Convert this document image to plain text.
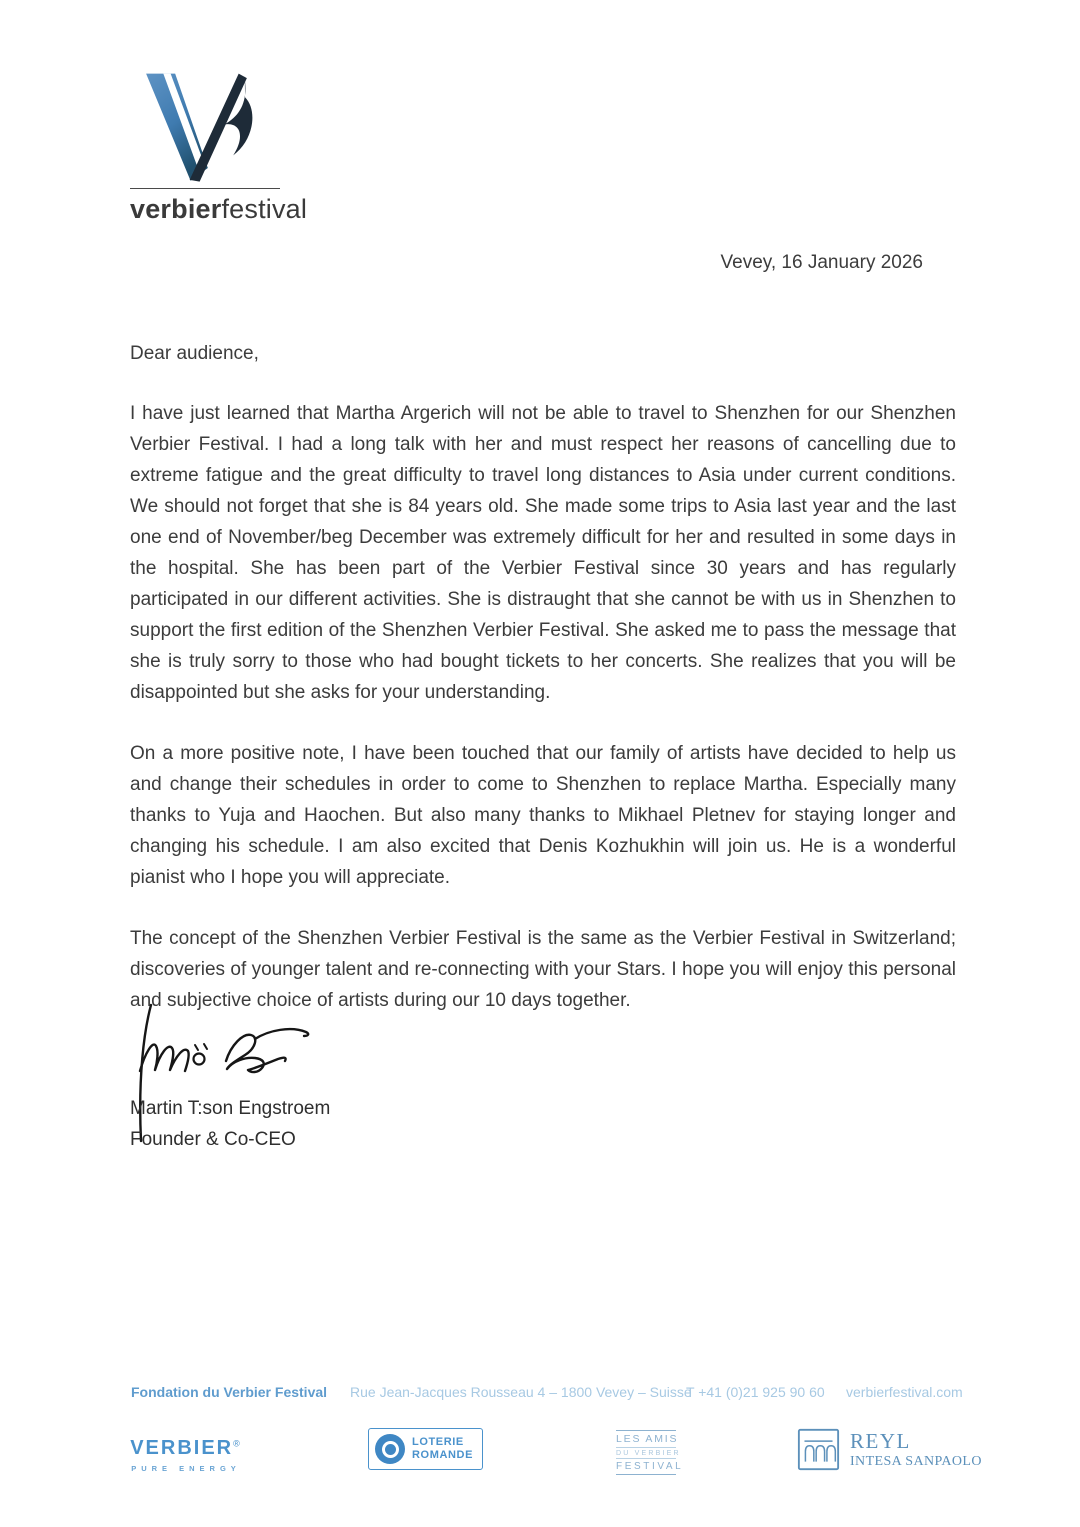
verbierfestival
Vevey, 16 January 2026

Dear audience,

I have just learned that Martha Argerich will not be able to travel to Shenzhen for our Shenzhen Verbier Festival. I had a long talk with her and must respect her reasons of cancelling due to extreme fatigue and the great difficulty to travel long distances to Asia under current conditions. We should not forget that she is 84 years old. She made some trips to Asia last year and the last one end of November/beg December was extremely difficult for her and resulted in some days in the hospital. She has been part of the Verbier Festival since 30 years and has regularly participated in our different activities. She is distraught that she cannot be with us in Shenzhen to support the first edition of the Shenzhen Verbier Festival. She asked me to pass the message that she is truly sorry to those who had bought tickets to her concerts. She realizes that you will be disappointed but she asks for your understanding.

On a more positive note, I have been touched that our family of artists have decided to help us and change their schedules in order to come to Shenzhen to replace Martha. Especially many thanks to Yuja and Haochen. But also many thanks to Mikhael Pletnev for staying longer and changing his schedule. I am also excited that Denis Kozhukhin will join us. He is a wonderful pianist who I hope you will appreciate.

The concept of the Shenzhen Verbier Festival is the same as the Verbier Festival in Switzerland; discoveries of younger talent and re-connecting with your Stars. I hope you will enjoy this personal and subjective choice of artists during our 10 days together.

Martin T:son Engstroem
Founder & Co-CEO
Fondation du Verbier Festival Rue Jean-Jacques Rousseau 4 – 1800 Vevey – Suisse
T +41 (0)21 925 90 60 verbierfestival.com
VERBIER®
PURE ENERGY
LOTERIE
ROMANDE
LES AMIS
DU VERBIER
FESTIVAL
REYL
INTESA SANPAOLO
